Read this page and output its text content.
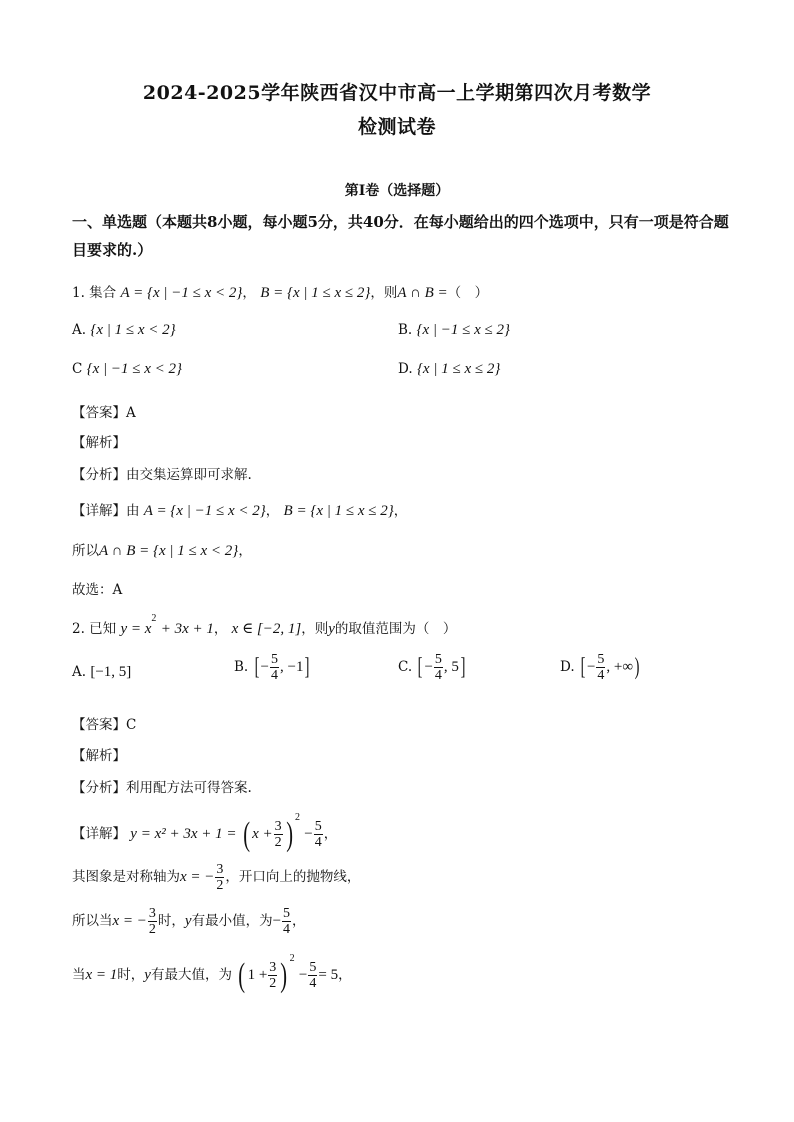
2024-2025学年陕西省汉中市高一上学期第四次月考数学
检测试卷
第I卷（选择题）
一、单选题（本题共8小题，每小题5分，共40分．在每小题给出的四个选项中，只有一项是符合题目要求的.）
1. 集合 A = {x | −1 ≤ x < 2}， B = {x | 1 ≤ x ≤ 2}，则A ∩ B =（　）
A. {x | 1 ≤ x < 2}	B. {x | −1 ≤ x ≤ 2}
C {x | −1 ≤ x < 2}	D. {x | 1 ≤ x ≤ 2}
【答案】A
【解析】
【分析】由交集运算即可求解.
【详解】由 A = {x | −1 ≤ x < 2}， B = {x | 1 ≤ x ≤ 2}，
所以A ∩ B = {x | 1 ≤ x < 2}，
故选：A
2. 已知 $y = x^2 + 3x + 1$， x ∈ [−2, 1]，则y的取值范围为（　）
A. [−1, 5]	B. [ − $\frac{5}{4}$ , −1]	C. [ − $\frac{5}{4}$ , 5]	D. [ − $\frac{5}{4}$ , +∞)
【答案】C
【解析】
【分析】利用配方法可得答案.
【详解】 y = x² + 3x + 1 = ( $x + \frac{3}{2}$ ) $^2 - \frac{5}{4}$ ，
其图象是对称轴为x = − $\frac{3}{2}$ ，开口向上的抛物线，
所以当x = − $\frac{3}{2}$ 时，y有最小值，为− $\frac{5}{4}$ ，
当x = 1时，y有最大值，为 ( $1 + \frac{3}{2}$ ) $^2 - \frac{5}{4} = 5$，
